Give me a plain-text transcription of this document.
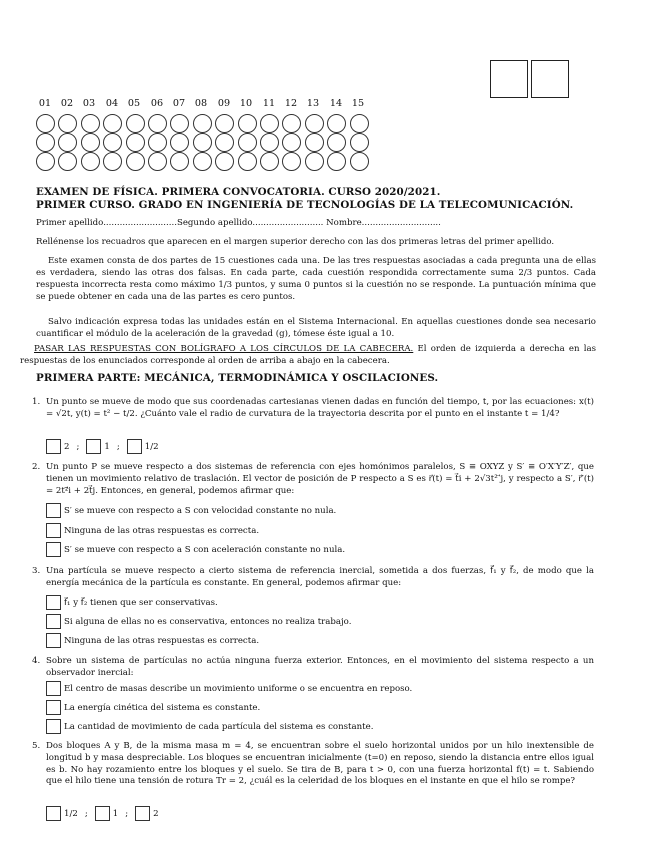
01	02	03	04	05	06	07	08	09	10	11	12	13	14	15
EXAMEN DE FÍSICA. PRIMERA CONVOCATORIA. CURSO 2020/2021.
PRIMER CURSO. GRADO EN INGENIERÍA DE TECNOLOGÍAS DE LA TELECOMUNICACIÓN.
Primer apellido...........................Segundo apellido.......................... Nombre.............................
Rellénense los recuadros que aparecen en el margen superior derecho con las dos primeras letras del primer apellido.
Este examen consta de dos partes de 15 cuestiones cada una. De las tres respuestas asociadas a cada pregunta una de ellas es verdadera, siendo las otras dos falsas. En cada parte, cada cuestión respondida correctamente suma 2/3 puntos. Cada respuesta incorrecta resta como máximo 1/3 puntos, y suma 0 puntos si la cuestión no se responde. La puntuación mínima que se puede obtener en cada una de las partes es cero puntos.
Salvo indicación expresa todas las unidades están en el Sistema Internacional. En aquellas cuestiones donde sea necesario cuantificar el módulo de la aceleración de la gravedad (g), tómese éste igual a 10.
PASAR LAS RESPUESTAS CON BOLÍGRAFO A LOS CÍRCULOS DE LA CABECERA. El orden de izquierda a derecha en las respuestas de los enunciados corresponde al orden de arriba a abajo en la cabecera.
PRIMERA PARTE: MECÁNICA, TERMODINÁMICA Y OSCILACIONES.
1. Un punto se mueve de modo que sus coordenadas cartesianas vienen dadas en función del tiempo, t, por las ecuaciones: x(t) = √2t, y(t) = t² − t/2. ¿Cuánto vale el radio de curvatura de la trayectoria descrita por el punto en el instante t = 1/4?
2 ;	1 ;	1/2
2. Un punto P se mueve respecto a dos sistemas de referencia con ejes homónimos paralelos, S ≡ OXYZ y S′ ≡ O′X′Y′Z′, que tienen un movimiento relativo de traslación. El vector de posición de P respecto a S es r⃗(t) = t⃗i + 2√3t² ⃗j, y respecto a S′, r⃗′(t) = 2t²⃗i + 2t⃗j. Entonces, en general, podemos afirmar que:
S′ se mueve con respecto a S con velocidad constante no nula.
Ninguna de las otras respuestas es correcta.
S′ se mueve con respecto a S con aceleración constante no nula.
3. Una partícula se mueve respecto a cierto sistema de referencia inercial, sometida a dos fuerzas, f⃗₁ y f⃗₂, de modo que la energía mecánica de la partícula es constante. En general, podemos afirmar que:
f⃗₁ y f⃗₂ tienen que ser conservativas.
Si alguna de ellas no es conservativa, entonces no realiza trabajo.
Ninguna de las otras respuestas es correcta.
4. Sobre un sistema de partículas no actúa ninguna fuerza exterior. Entonces, en el movimiento del sistema respecto a un observador inercial:
El centro de masas describe un movimiento uniforme o se encuentra en reposo.
La energía cinética del sistema es constante.
La cantidad de movimiento de cada partícula del sistema es constante.
5. Dos bloques A y B, de la misma masa m = 4, se encuentran sobre el suelo horizontal unidos por un hilo inextensible de longitud b y masa despreciable. Los bloques se encuentran inicialmente (t=0) en reposo, siendo la distancia entre ellos igual es b. No hay rozamiento entre los bloques y el suelo. Se tira de B, para t > 0, con una fuerza horizontal f(t) = t. Sabiendo que el hilo tiene una tensión de rotura Tr = 2, ¿cuál es la celeridad de los bloques en el instante en que el hilo se rompe?
1/2 ;	1 ;	2
